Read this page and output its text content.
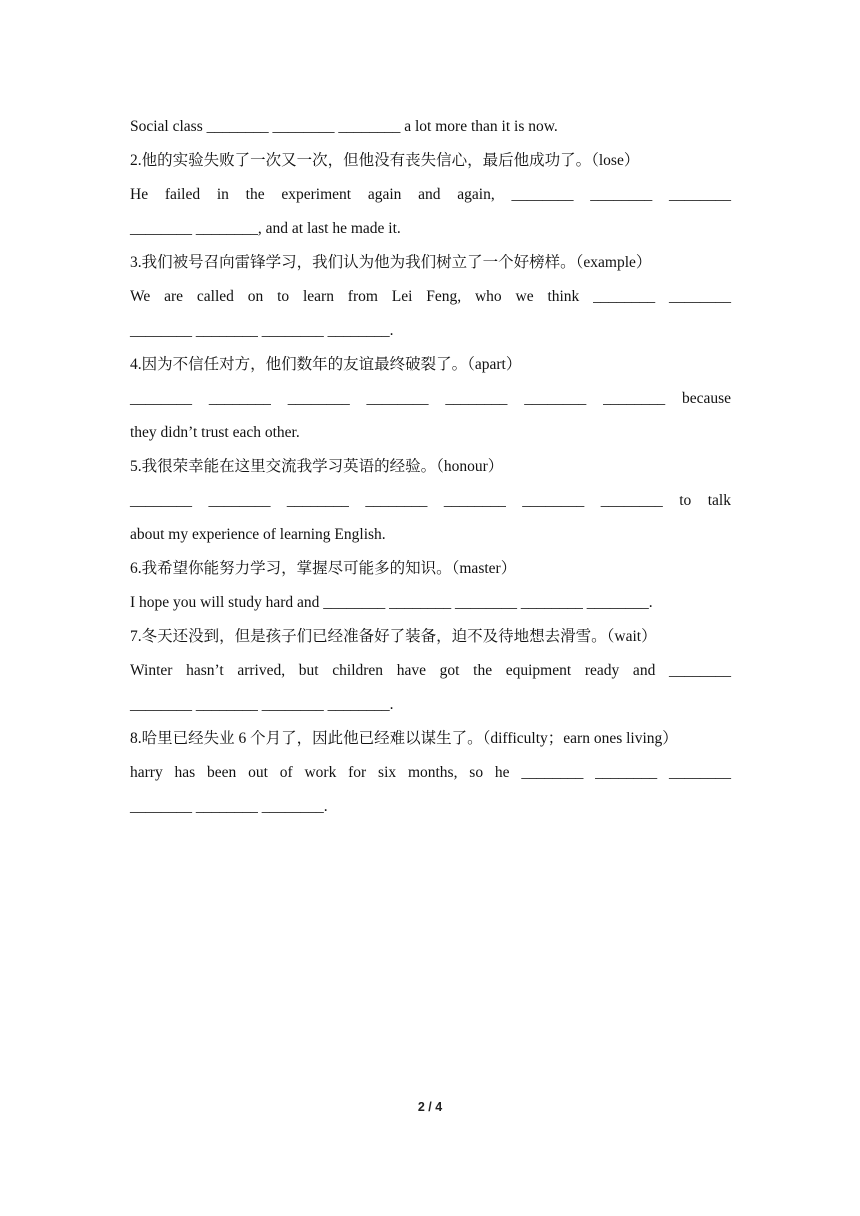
Social class ________ ________ ________ a lot more than it is now.
2.他的实验失败了一次又一次，但他没有丧失信心，最后他成功了。（lose）
He failed in the experiment again and again, ________ ________ ________
________ ________, and at last he made it.
3.我们被号召向雷锋学习，我们认为他为我们树立了一个好榜样。（example）
We are called on to learn from Lei Feng, who we think ________ ________
________ ________ ________ ________.
4.因为不信任对方，他们数年的友谊最终破裂了。（apart）
________ ________ ________ ________ ________ ________ ________ because
they didn’t trust each other.
5.我很荣幸能在这里交流我学习英语的经验。（honour）
________ ________ ________ ________ ________ ________ ________ to talk
about my experience of learning English.
6.我希望你能努力学习，掌握尽可能多的知识。（master）
I hope you will study hard and ________ ________ ________ ________ ________.
7.冬天还没到，但是孩子们已经准备好了装备，迫不及待地想去滑雪。（wait）
Winter hasn’t arrived, but children have got the equipment ready and ________
________ ________ ________ ________.
8.哈里已经失业 6 个月了，因此他已经难以谋生了。（difficulty；earn ones living）
harry has been out of work for six months, so he ________ ________ ________
________ ________ ________.
2 / 4
